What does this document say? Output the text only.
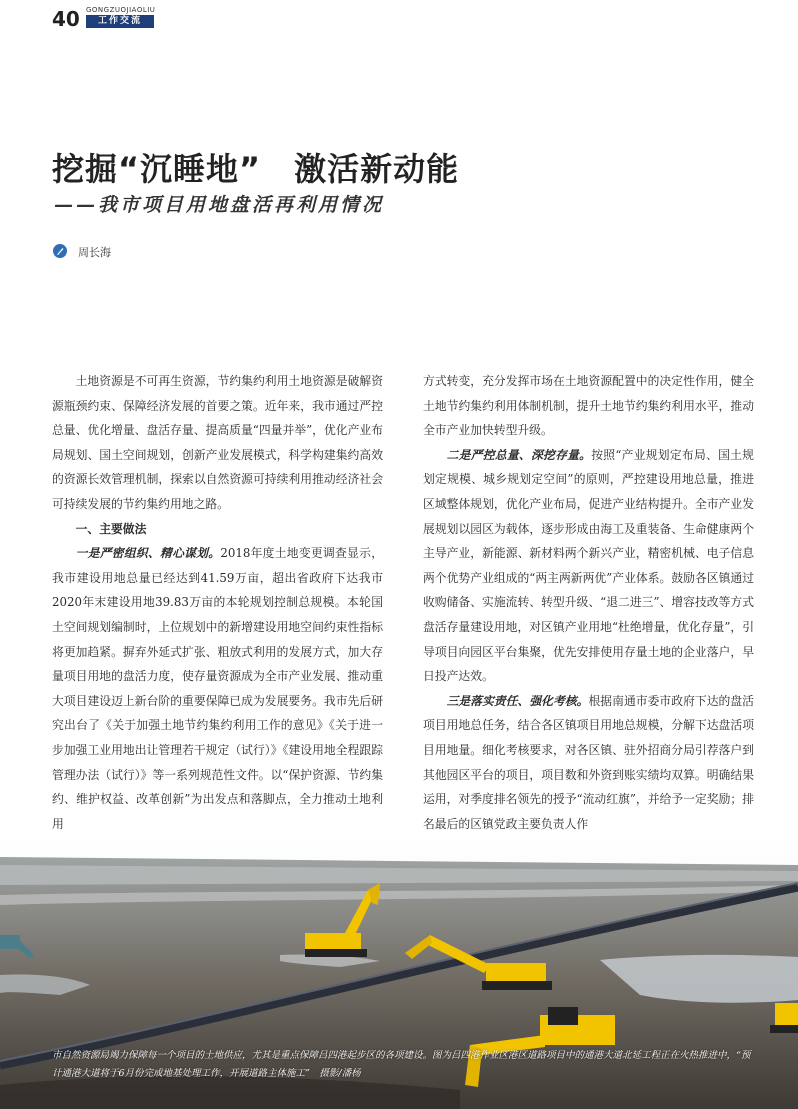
40 GONGZUOJIAOLIU
工作交流
挖掘“沉睡地”　激活新动能
——我市项目用地盘活再利用情况
周长海

土地资源是不可再生资源，节约集约利用土地资源是破解资源瓶颈约束、保障经济发展的首要之策。近年来，我市通过严控总量、优化增量、盘活存量、提高质量“四量并举”，优化产业布局规划、国土空间规划，创新产业发展模式，科学构建集约高效的资源长效管理机制，探索以自然资源可持续利用推动经济社会可持续发展的节约集约用地之路。

一、主要做法

一是严密组织、精心谋划。2018年度土地变更调查显示，我市建设用地总量已经达到41.59万亩，超出省政府下达我市2020年末建设用地39.83万亩的本轮规划控制总规模。本轮国土空间规划编制时，上位规划中的新增建设用地空间约束性指标将更加趋紧。摒弃外延式扩张、粗放式利用的发展方式，加大存量项目用地的盘活力度，使存量资源成为全市产业发展、推动重大项目建设迈上新台阶的重要保障已成为发展要务。我市先后研究出台了《关于加强土地节约集约利用工作的意见》《关于进一步加强工业用地出让管理若干规定（试行）》《建设用地全程跟踪管理办法（试行）》等一系列规范性文件。以“保护资源、节约集约、维护权益、改革创新”为出发点和落脚点，全力推动土地利用

方式转变，充分发挥市场在土地资源配置中的决定性作用，健全土地节约集约利用体制机制，提升土地节约集约利用水平，推动全市产业加快转型升级。

二是严控总量、深挖存量。按照“产业规划定布局、国土规划定规模、城乡规划定空间”的原则，严控建设用地总量，推进区域整体规划，优化产业布局，促进产业结构提升。全市产业发展规划以园区为载体，逐步形成由海工及重装备、生命健康两个主导产业，新能源、新材料两个新兴产业，精密机械、电子信息两个优势产业组成的“两主两新两优”产业体系。鼓励各区镇通过收购储备、实施流转、转型升级、“退二进三”、增容技改等方式盘活存量建设用地，对区镇产业用地“杜绝增量，优化存量”，引导项目向园区平台集聚，优先安排使用存量土地的企业落户，早日投产达效。

三是落实责任、强化考核。根据南通市委市政府下达的盘活项目用地总任务，结合各区镇项目用地总规模，分解下达盘活项目用地量。细化考核要求，对各区镇、驻外招商分局引荐落户到其他园区平台的项目，项目数和外资到账实绩均双算。明确结果运用，对季度排名领先的授予“流动红旗”，并给予一定奖励；排名最后的区镇党政主要负责人作

市自然资源局竭力保障每一个项目的土地供应，尤其是重点保障吕四港起步区的各项建设。图为吕四港作业区港区道路项目中的通港大道北延工程正在火热推进中，“预计通港大道将于6月份完成地基处理工作，开展道路主体施工”　摄影/潘杨
